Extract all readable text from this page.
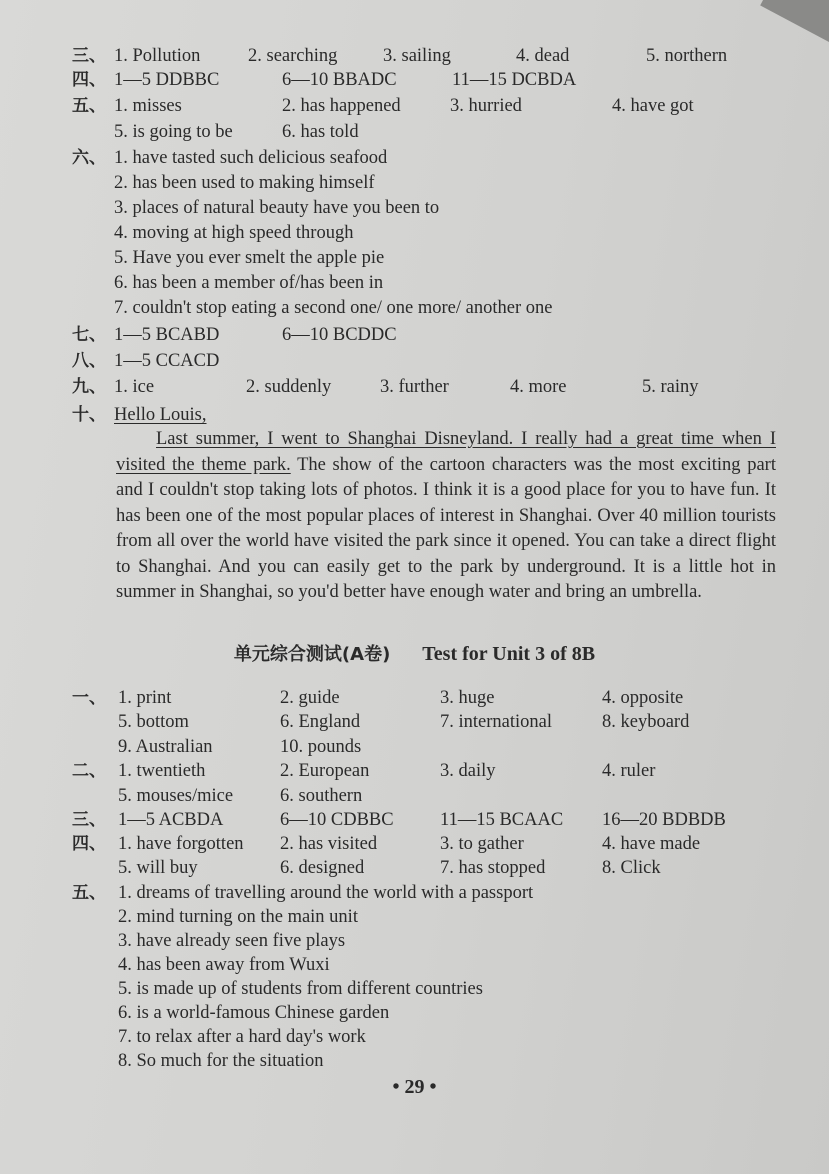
三、 1. Pollution	2. searching 3. sailing	4. dead	5. northern
四、 1—5 DDBBC	6—10 BBADC	11—15 DCBDA
五、 1. misses	2. has happened	3. hurried	4. have got
5. is going to be	6. has told
六、 1. have tasted such delicious seafood
2. has been used to making himself
3. places of natural beauty have you been to
4. moving at high speed through
5. Have you ever smelt the apple pie
6. has been a member of/has been in
7. couldn't stop eating a second one/ one more/ another one
七、 1—5 BCABD	6—10 BCDDC
八、 1—5 CCACD
九、 1. ice	2. suddenly	3. further	4. more	5. rainy
十、 Hello Louis,
Last summer, I went to Shanghai Disneyland. I really had a great time when I visited the theme park. The show of the cartoon characters was the most exciting part and I couldn't stop taking lots of photos. I think it is a good place for you to have fun. It has been one of the most popular places of interest in Shanghai. Over 40 million tourists from all over the world have visited the park since it opened. You can take a direct flight to Shanghai. And you can easily get to the park by underground. It is a little hot in summer in Shanghai, so you'd better have enough water and bring an umbrella.
单元综合测试(A卷) Test for Unit 3 of 8B
一、 1. print	2. guide	3. huge	4. opposite
5. bottom	6. England	7. international	8. keyboard
9. Australian	10. pounds
二、 1. twentieth	2. European	3. daily	4. ruler
5. mouses/mice	6. southern
三、 1—5 ACBDA	6—10 CDBBC	11—15 BCAAC 16—20 BDBDB
四、 1. have forgotten 2. has visited	3. to gather	4. have made
5. will buy	6. designed	7. has stopped	8. Click
五、 1. dreams of travelling around the world with a passport
2. mind turning on the main unit
3. have already seen five plays
4. has been away from Wuxi
5. is made up of students from different countries
6. is a world-famous Chinese garden
7. to relax after a hard day's work
8. So much for the situation
• 29 •
